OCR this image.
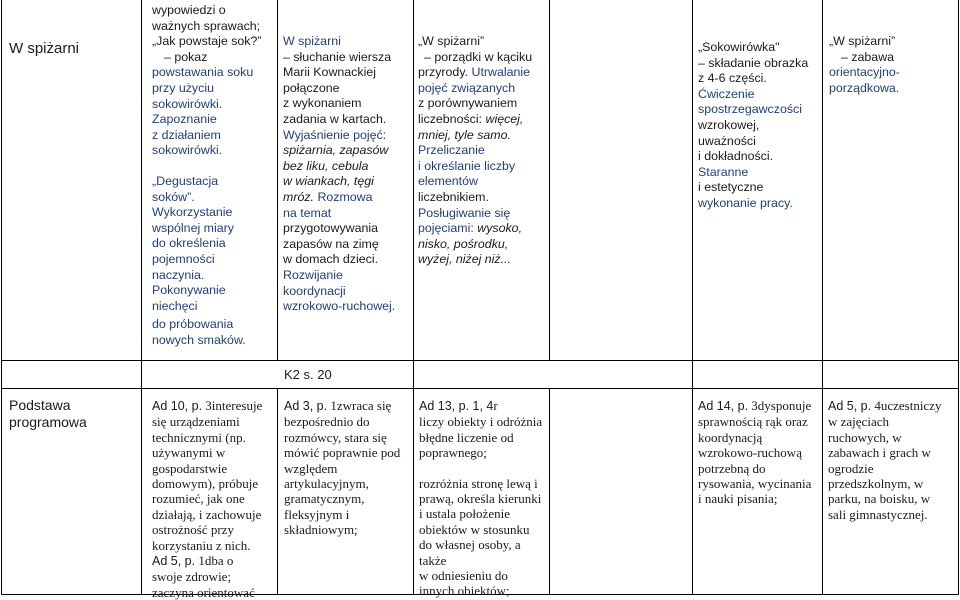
W spiżarni
wypowiedzi o
ważnych sprawach;
„Jak powstaje sok?”
– pokaz
powstawania soku
przy użyciu
sokowirówki.
Zapoznanie
z działaniem
sokowirówki.
„Degustacja
soków”.
Wykorzystanie
wspólnej miary
do określenia
pojemności
naczynia.
Pokonywanie
niechęci
do próbowania
nowych smaków.
W spiżarni
– słuchanie wiersza
Marii Kownackiej
połączone
z wykonaniem
zadania w kartach.
Wyjaśnienie pojęć:
spiżarnia, zapasów
bez liku, cebula
w wiankach, tęgi
mróz. Rozmowa
na temat
przygotowywania
zapasów na zimę
w domach dzieci.
Rozwijanie
koordynacji
wzrokowo-ruchowej.
„W spiżarni”
– porządki w kąciku
przyrody. Utrwalanie
pojęć związanych
z porównywaniem
liczebności: więcej,
mniej, tyle samo.
Przeliczanie
i określanie liczby
elementów
liczebnikiem.
Posługiwanie się
pojęciami: wysoko,
nisko, pośrodku,
wyżej, niżej niż...
„Sokowirówka"
– składanie obrazka
z 4-6 części.
Ćwiczenie
spostrzegawczości
wzrokowej,
uważności
i dokładności.
Staranne
i estetyczne
wykonanie pracy.
„W spiżarni”
– zabawa
orientacyjno-
porządkowa.
K2 s. 20
Podstawa
programowa
Ad 10, p. 3interesuje
się urządzeniami
technicznymi (np.
używanymi w
gospodarstwie
domowym), próbuje
rozumieć, jak one
działają, i zachowuje
ostrożność przy
korzystaniu z nich.
Ad 5, p. 1dba o
swoje zdrowie;
zaczyna orientować
Ad 3, p. 1zwraca się
bezpośrednio do
rozmówcy, stara się
mówić poprawnie pod
względem
artykulacyjnym,
gramatycznym,
fleksyjnym i
składniowym;
Ad 13, p. 1, 4r
liczy obiekty i odróżnia
błędne liczenie od
poprawnego;
rozróżnia stronę lewą i
prawą, określa kierunki
i ustala położenie
obiektów w stosunku
do własnej osoby, a
także
w odniesieniu do
innych obiektów;
Ad 14, p. 3dysponuje
sprawnością rąk oraz
koordynacją
wzrokowo-ruchową
potrzebną do
rysowania, wycinania
i nauki pisania;
Ad 5, p. 4uczestniczy
w zajęciach
ruchowych, w
zabawach i grach w
ogrodzie
przedszkolnym, w
parku, na boisku, w
sali gimnastycznej.
